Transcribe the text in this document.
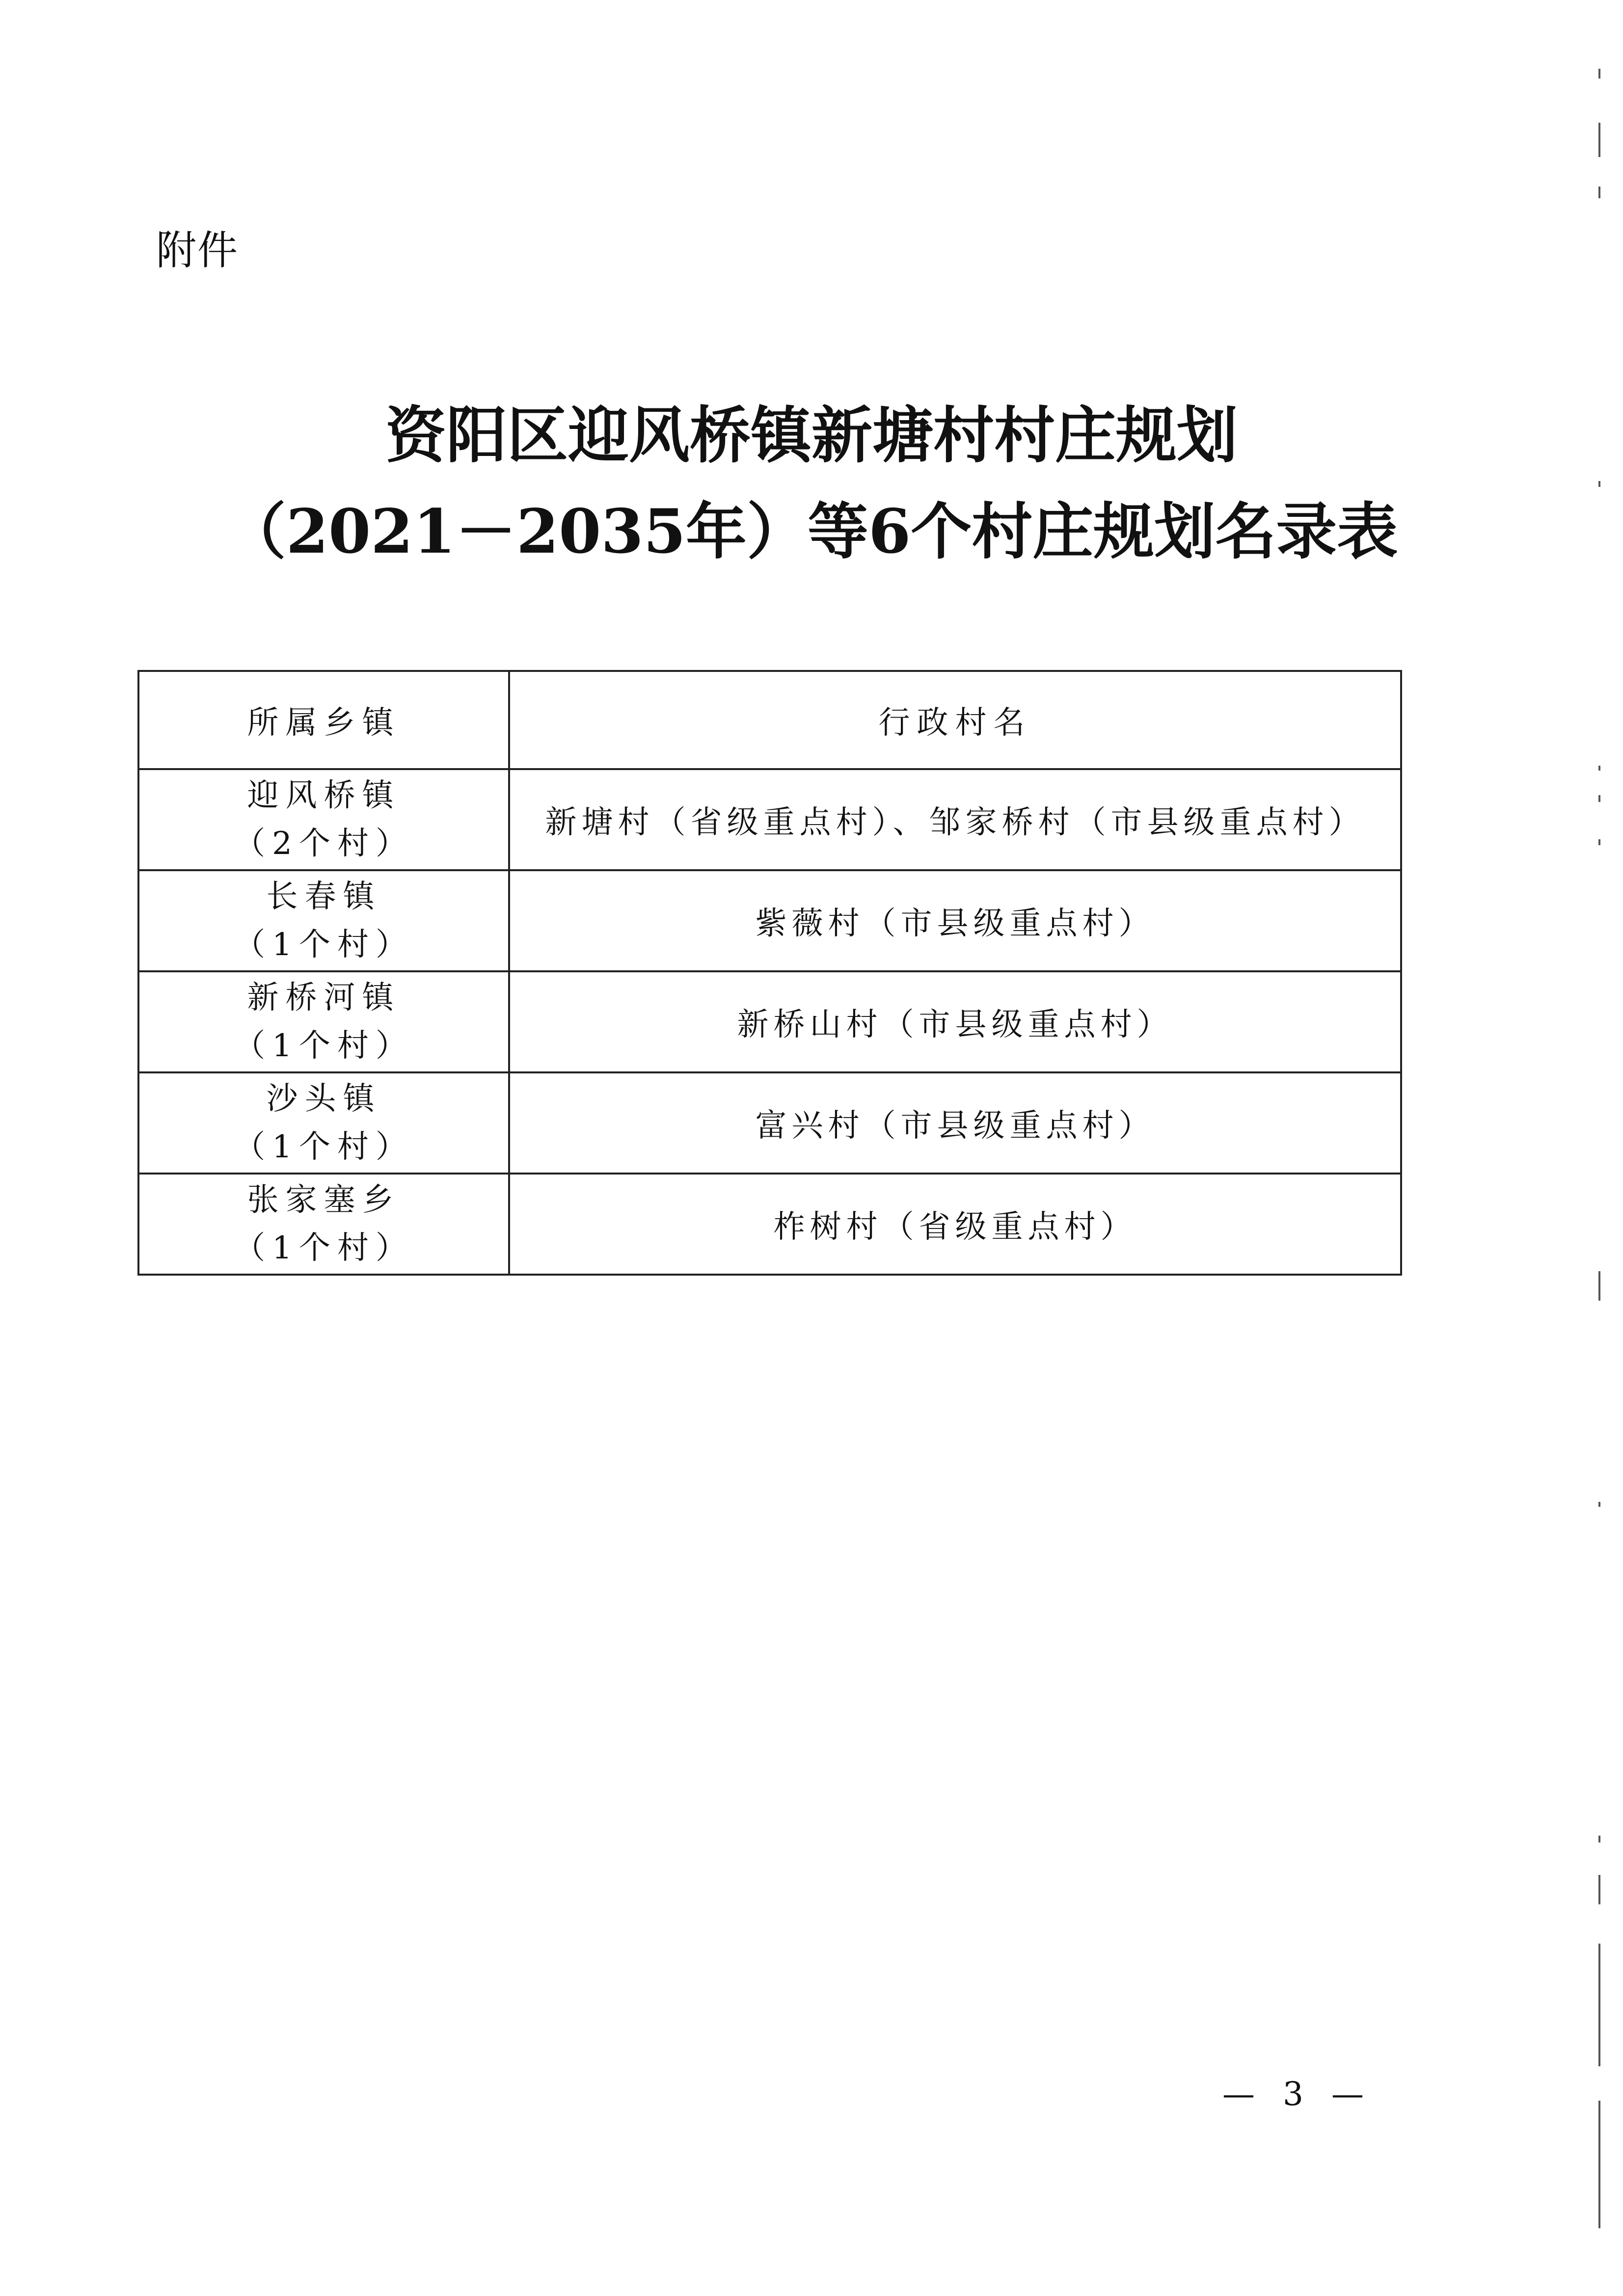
附件
资阳区迎风桥镇新塘村村庄规划
（2021－2035年）等6个村庄规划名录表
所属乡镇	行政村名

迎风桥镇
（2个村）	新塘村（省级重点村）、邹家桥村（市县级重点村）

长春镇
（1个村）	紫薇村（市县级重点村）

新桥河镇
（1个村）	新桥山村（市县级重点村）

沙头镇
（1个村）	富兴村（市县级重点村）

张家塞乡
（1个村）	柞树村（省级重点村）
— 3 —
